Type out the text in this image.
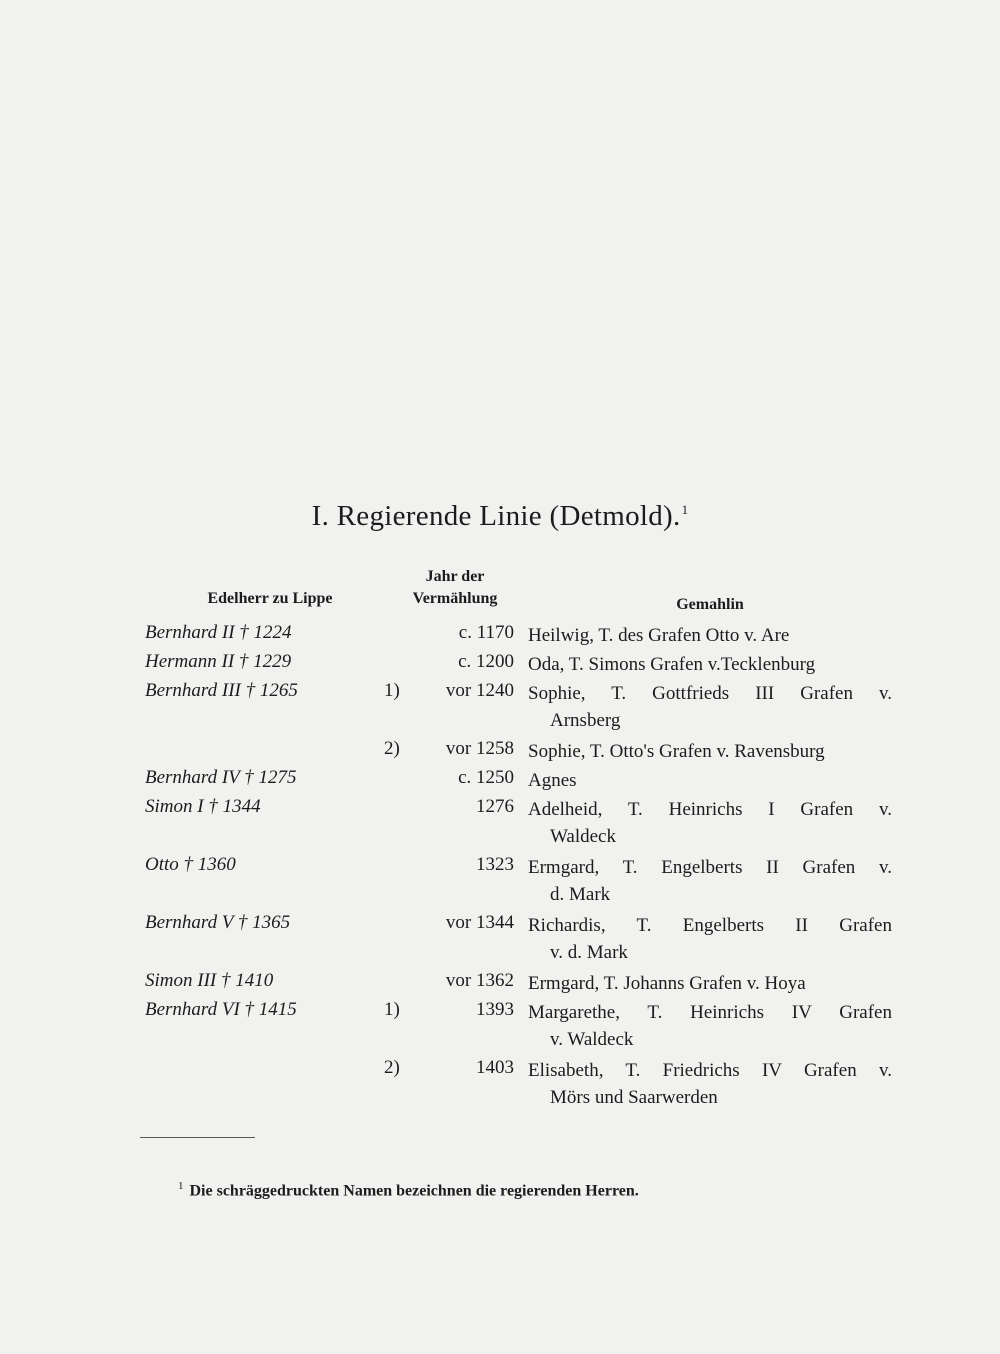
I. Regierende Linie (Detmold).$^1$
Edelherr zu Lippe
Jahr der
Vermählung	Gemahlin
Bernhard II † 1224	c. 1170 Heilwig, T. des Grafen Otto v. Are
Hermann II † 1229	c. 1200 Oda, T. Simons Grafen v.Tecklenburg
Bernhard III † 1265	1)	vor 1240 Sophie, T. Gottfrieds III Grafen v.
Arnsberg
2)	vor 1258 Sophie, T. Otto's Grafen v. Ravensburg
Bernhard IV † 1275	c. 1250 Agnes
Simon I † 1344	1276 Adelheid, T. Heinrichs I Grafen v.
Waldeck
Otto † 1360	1323 Ermgard, T. Engelberts II Grafen v.
d. Mark
Bernhard V † 1365	vor 1344 Richardis, T. Engelberts II Grafen
v. d. Mark
Simon III † 1410	vor 1362 Ermgard, T. Johanns Grafen v. Hoya
Bernhard VI † 1415	1)	1393 Margarethe, T. Heinrichs IV Grafen
v. Waldeck
2)	1403 Elisabeth, T. Friedrichs IV Grafen v.
Mörs und Saarwerden
$^1$ Die schräggedruckten Namen bezeichnen die regierenden Herren.
